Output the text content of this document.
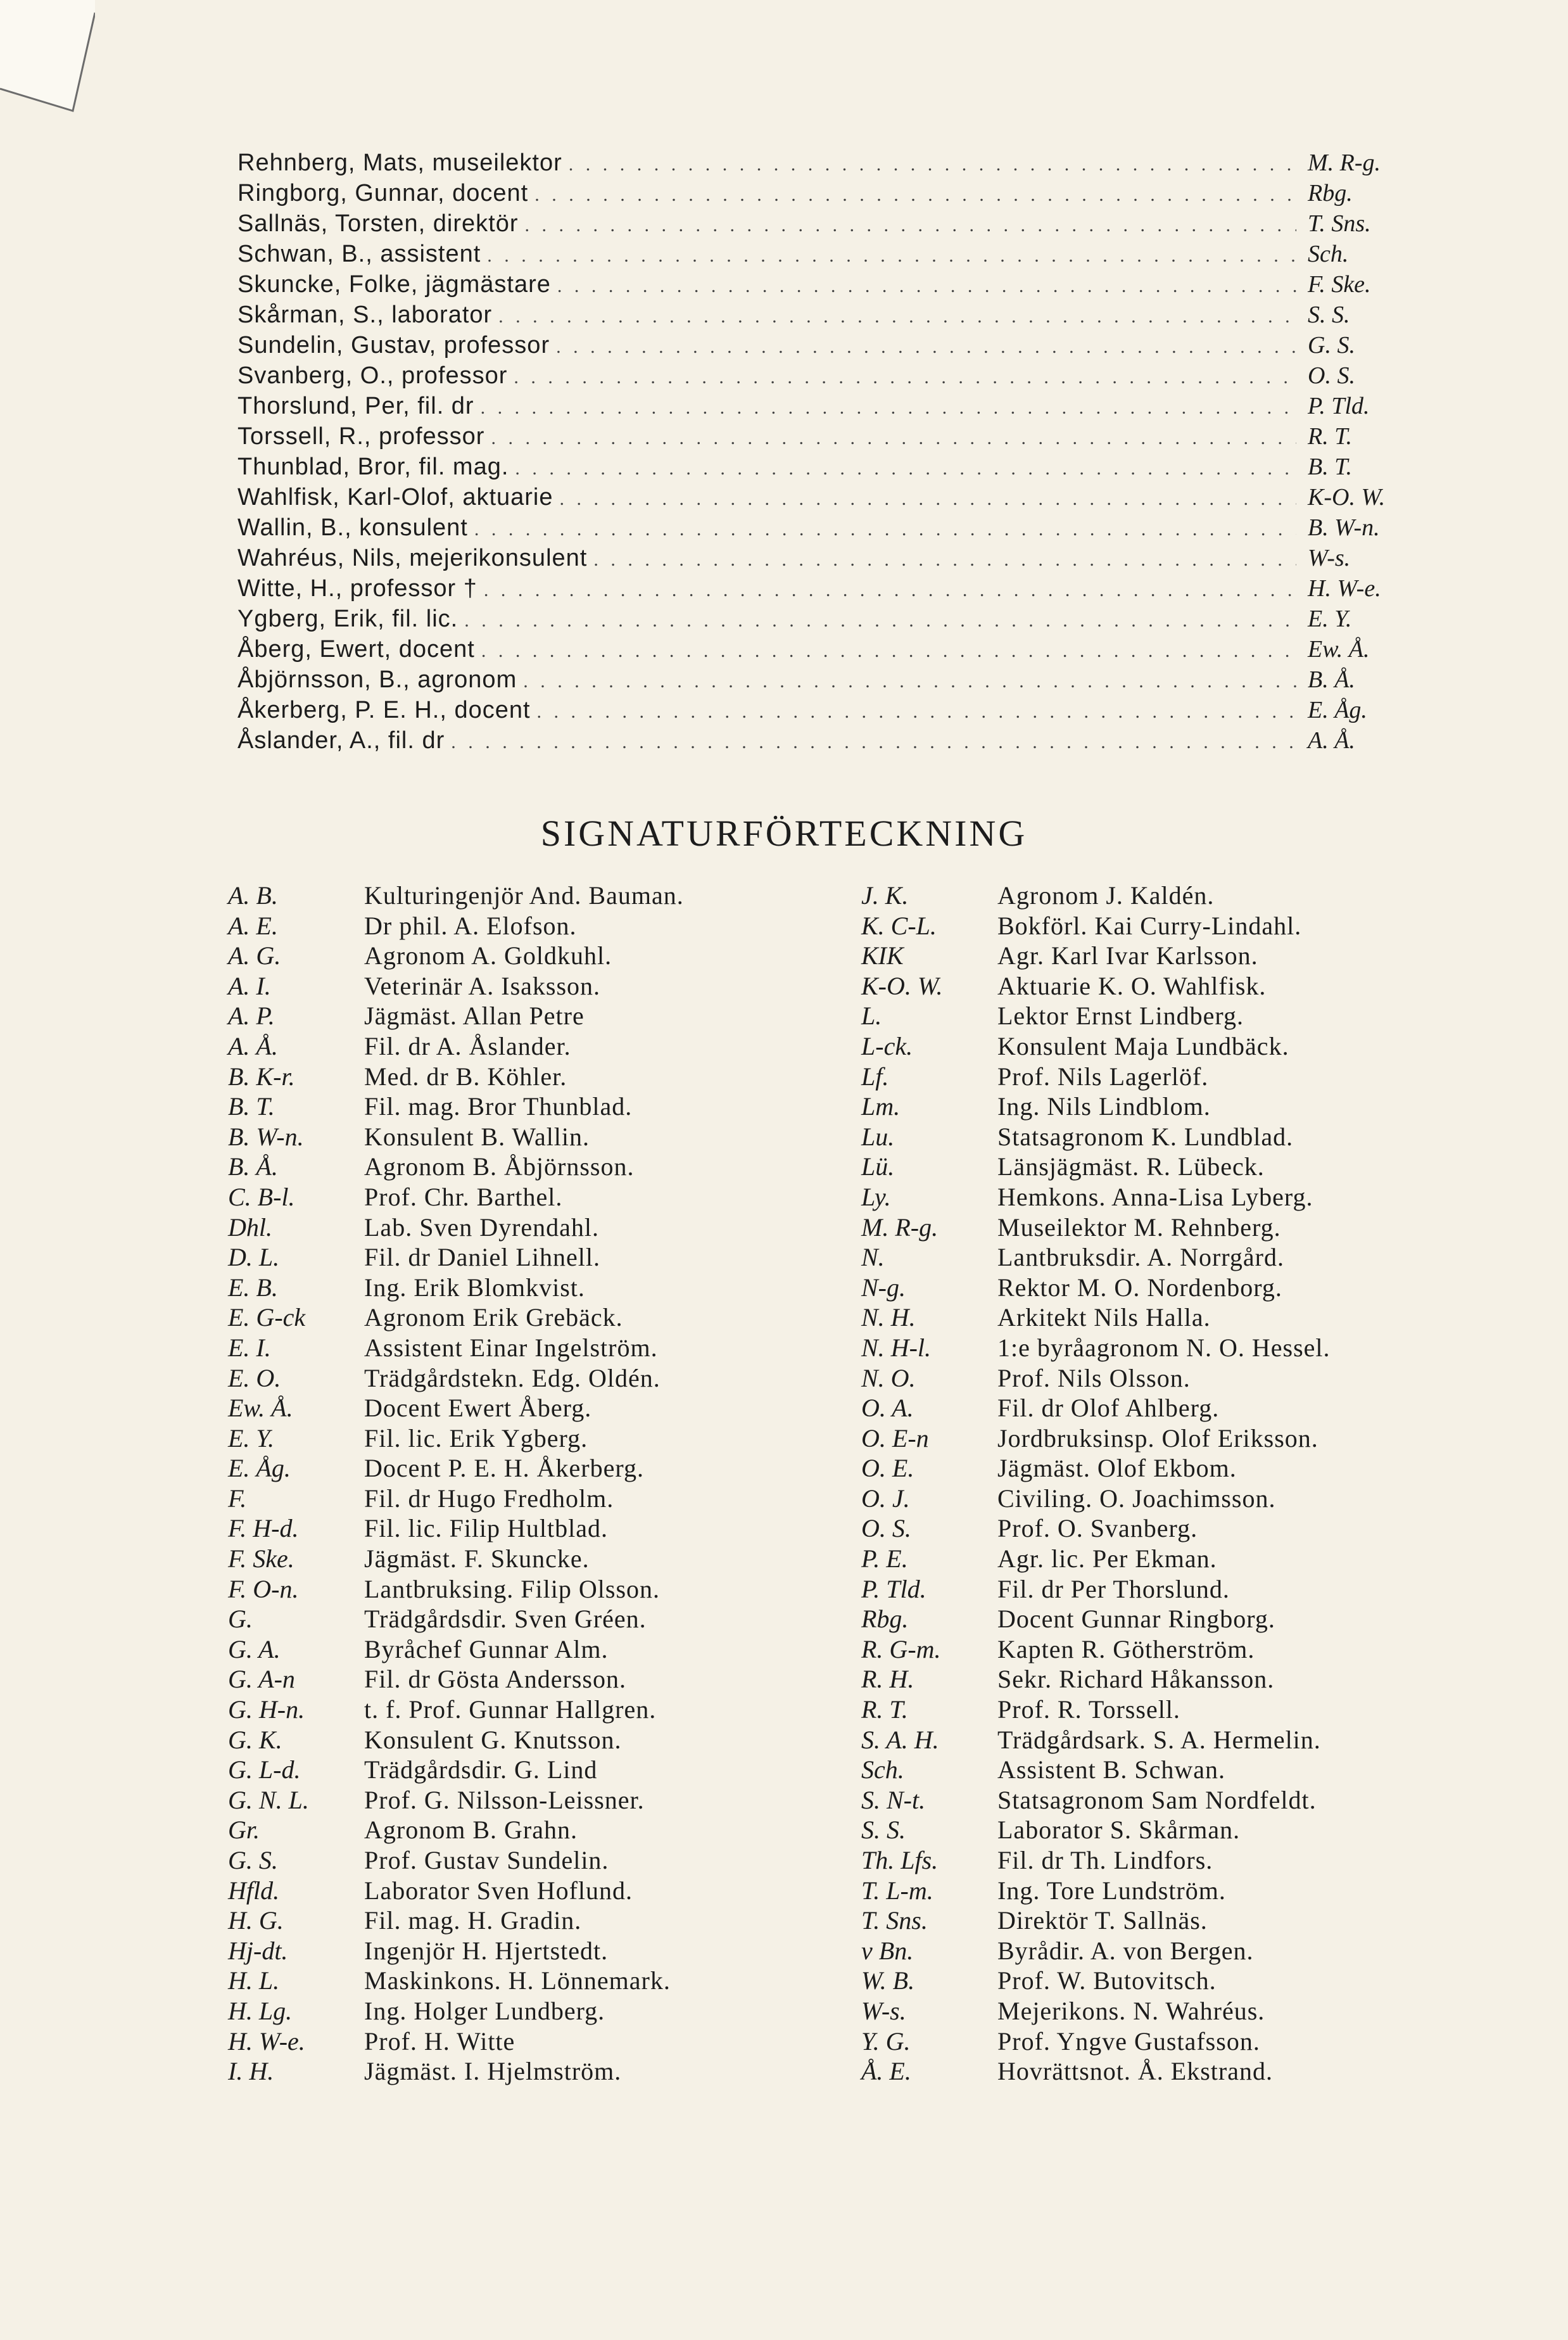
Rehnberg, Mats, museilektor . . .	M. R-g.
Ringborg, Gunnar, docent . . .	Rbg.
Sallnäs, Torsten, direktör . . .	T. Sns.
Schwan, B., assistent . . .	Sch.
Skuncke, Folke, jägmästare . . .	F. Ske.
Skårman, S., laborator . . .	S. S.
Sundelin, Gustav, professor . . .	G. S.
Svanberg, O., professor . . .	O. S.
Thorslund, Per, fil. dr . . .	P. Tld.
Torssell, R., professor . . .	R. T.
Thunblad, Bror, fil. mag. . . .	B. T.
Wahlfisk, Karl-Olof, aktuarie . . .	K-O. W.
Wallin, B., konsulent . . .	B. W-n.
Wahréus, Nils, mejerikonsulent . . .	W-s.
Witte, H., professor † . . .	H. W-e.
Ygberg, Erik, fil. lic. . . .	E. Y.
Åberg, Ewert, docent . . .	Ew. Å.
Åbjörnsson, B., agronom . . .	B. Å.
Åkerberg, P. E. H., docent . . .	E. Åg.
Åslander, A., fil. dr . . .	A. Å.
SIGNATURFÖRTECKNING
A. B.	Kulturingenjör And. Bauman.
A. E.	Dr phil. A. Elofson.
A. G.	Agronom A. Goldkuhl.
A. I.	Veterinär A. Isaksson.
A. P.	Jägmäst. Allan Petre
A. Å.	Fil. dr A. Åslander.
B. K-r.	Med. dr B. Köhler.
B. T.	Fil. mag. Bror Thunblad.
B. W-n.	Konsulent B. Wallin.
B. Å.	Agronom B. Åbjörnsson.
C. B-l.	Prof. Chr. Barthel.
Dhl.	Lab. Sven Dyrendahl.
D. L.	Fil. dr Daniel Lihnell.
E. B.	Ing. Erik Blomkvist.
E. G-ck	Agronom Erik Grebäck.
E. I.	Assistent Einar Ingelström.
E. O.	Trädgårdstekn. Edg. Oldén.
Ew. Å.	Docent Ewert Åberg.
E. Y.	Fil. lic. Erik Ygberg.
E. Åg.	Docent P. E. H. Åkerberg.
F.	Fil. dr Hugo Fredholm.
F. H-d.	Fil. lic. Filip Hultblad.
F. Ske.	Jägmäst. F. Skuncke.
F. O-n.	Lantbruksing. Filip Olsson.
G.	Trädgårdsdir. Sven Gréen.
G. A.	Byråchef Gunnar Alm.
G. A-n	Fil. dr Gösta Andersson.
G. H-n.	t. f. Prof. Gunnar Hallgren.
G. K.	Konsulent G. Knutsson.
G. L-d.	Trädgårdsdir. G. Lind
G. N. L.	Prof. G. Nilsson-Leissner.
Gr.	Agronom B. Grahn.
G. S.	Prof. Gustav Sundelin.
Hfld.	Laborator Sven Hoflund.
H. G.	Fil. mag. H. Gradin.
Hj-dt.	Ingenjör H. Hjertstedt.
H. L.	Maskinkons. H. Lönnemark.
H. Lg.	Ing. Holger Lundberg.
H. W-e.	Prof. H. Witte
I. H.	Jägmäst. I. Hjelmström.
J. K.	Agronom J. Kaldén.
K. C-L.	Bokförl. Kai Curry-Lindahl.
KIK	Agr. Karl Ivar Karlsson.
K-O. W.	Aktuarie K. O. Wahlfisk.
L.	Lektor Ernst Lindberg.
L-ck.	Konsulent Maja Lundbäck.
Lf.	Prof. Nils Lagerlöf.
Lm.	Ing. Nils Lindblom.
Lu.	Statsagronom K. Lundblad.
Lü.	Länsjägmäst. R. Lübeck.
Ly.	Hemkons. Anna-Lisa Lyberg.
M. R-g.	Museilektor M. Rehnberg.
N.	Lantbruksdir. A. Norrgård.
N-g.	Rektor M. O. Nordenborg.
N. H.	Arkitekt Nils Halla.
N. H-l.	1:e byråagronom N. O. Hessel.
N. O.	Prof. Nils Olsson.
O. A.	Fil. dr Olof Ahlberg.
O. E-n	Jordbruksinsp. Olof Eriksson.
O. E.	Jägmäst. Olof Ekbom.
O. J.	Civiling. O. Joachimsson.
O. S.	Prof. O. Svanberg.
P. E.	Agr. lic. Per Ekman.
P. Tld.	Fil. dr Per Thorslund.
Rbg.	Docent Gunnar Ringborg.
R. G-m.	Kapten R. Götherström.
R. H.	Sekr. Richard Håkansson.
R. T.	Prof. R. Torssell.
S. A. H.	Trädgårdsark. S. A. Hermelin.
Sch.	Assistent B. Schwan.
S. N-t.	Statsagronom Sam Nordfeldt.
S. S.	Laborator S. Skårman.
Th. Lfs.	Fil. dr Th. Lindfors.
T. L-m.	Ing. Tore Lundström.
T. Sns.	Direktör T. Sallnäs.
v Bn.	Byrådir. A. von Bergen.
W. B.	Prof. W. Butovitsch.
W-s.	Mejerikons. N. Wahréus.
Y. G.	Prof. Yngve Gustafsson.
Å. E.	Hovrättsnot. Å. Ekstrand.
